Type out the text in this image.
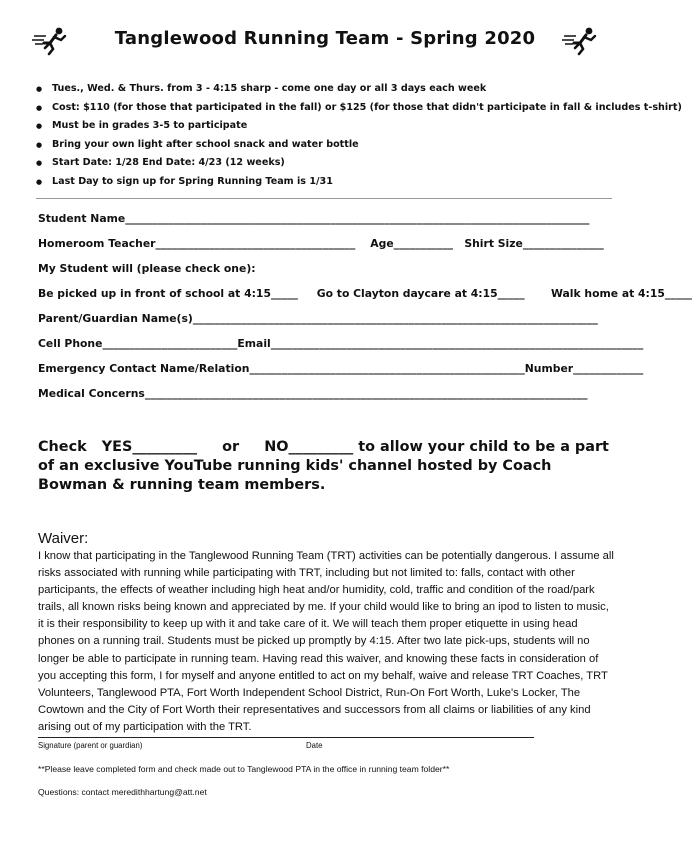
Tanglewood Running Team - Spring 2020
● Tues., Wed. & Thurs. from 3 - 4:15 sharp - come one day or all 3 days each week
● Cost: $110 (for those that participated in the fall) or $125 (for those that didn't participate in fall & includes t-shirt)
● Must be in grades 3-5 to participate
● Bring your own light after school snack and water bottle
● Start Date: 1/28 End Date: 4/23 (12 weeks)
● Last Day to sign up for Spring Running Team is 1/31
Student Name______________________________________________________________________________________
Homeroom Teacher_____________________________________    Age___________   Shirt Size_______________
My Student will (please check one):
Be picked up in front of school at 4:15_____     Go to Clayton daycare at 4:15_____       Walk home at 4:15_____
Parent/Guardian Name(s)___________________________________________________________________________
Cell Phone_________________________Email_____________________________________________________________________
Emergency Contact Name/Relation___________________________________________________Number_____________
Medical Concerns__________________________________________________________________________________
Check YES_________     or NO_________ to allow your child to be a part of an exclusive YouTube running kids' channel hosted by Coach Bowman & running team members.
Waiver:

I know that participating in the Tanglewood Running Team (TRT) activities can be potentially dangerous. I assume all risks associated with running while participating with TRT, including but not limited to: falls, contact with other participants, the effects of weather including high heat and/or humidity, cold, traffic and condition of the road/park trails, all known risks being known and appreciated by me. If your child would like to bring an ipod to listen to music, it is their responsibility to keep up with it and take care of it. We will teach them proper etiquette in using head phones on a running trail. Students must be picked up promptly by 4:15. After two late pick-ups, students will no longer be able to participate in running team. Having read this waiver, and knowing these facts in consideration of you accepting this form, I for myself and anyone entitled to act on my behalf, waive and release TRT Coaches, TRT Volunteers, Tanglewood PTA, Fort Worth Independent School District, Run-On Fort Worth, Luke's Locker, The Cowtown and the City of Fort Worth their representatives and successors from all claims or liabilities of any kind arising out of my participation with the TRT.

Signature (parent or guardian)	Date
**Please leave completed form and check made out to Tanglewood PTA in the office in running team folder**
Questions: contact meredithhartung@att.net
